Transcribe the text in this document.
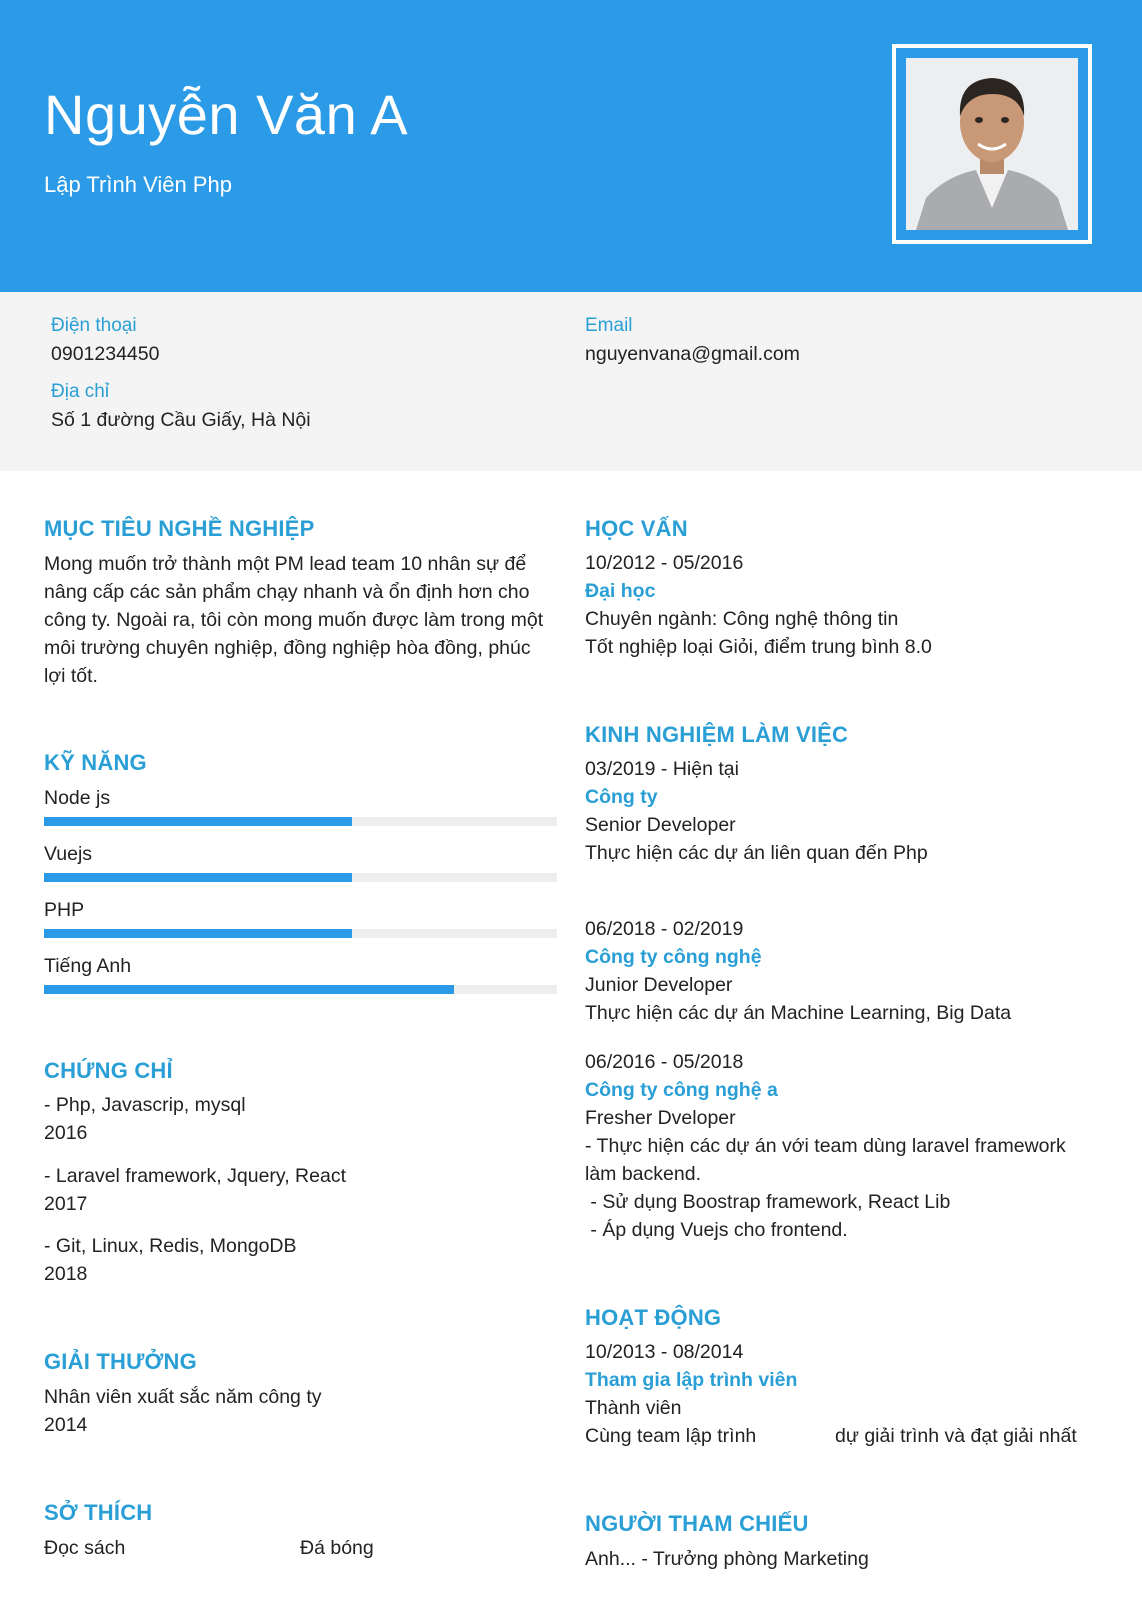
Nguyễn Văn A
Lập Trình Viên Php
Điện thoại
0901234450
Địa chỉ
Số 1 đường Cầu Giấy, Hà Nội
Email
nguyenvana@gmail.com
MỤC TIÊU NGHỀ NGHIỆP
Mong muốn trở thành một PM lead team 10 nhân sự để nâng cấp các sản phẩm chạy nhanh và ổn định hơn cho công ty. Ngoài ra, tôi còn mong muốn được làm trong một môi trường chuyên nghiệp, đồng nghiệp hòa đồng, phúc lợi tốt.
KỸ NĂNG
Node js
Vuejs
PHP
Tiếng Anh
CHỨNG CHỈ
- Php, Javascrip, mysql
2016
- Laravel framework, Jquery, React
2017
- Git, Linux, Redis, MongoDB
2018
GIẢI THƯỞNG
Nhân viên xuất sắc năm công ty
2014
SỞ THÍCH
Đọc sách	Đá bóng
HỌC VẤN
10/2012 - 05/2016
Đại học
Chuyên ngành: Công nghệ thông tin
Tốt nghiệp loại Giỏi, điểm trung bình 8.0
KINH NGHIỆM LÀM VIỆC
03/2019 - Hiện tại
Công ty
Senior Developer
Thực hiện các dự án liên quan đến Php
06/2018 - 02/2019
Công ty công nghệ
Junior Developer
Thực hiện các dự án Machine Learning, Big Data
06/2016 - 05/2018
Công ty công nghệ a
Fresher Dveloper
- Thực hiện các dự án với team dùng laravel framework
làm backend.
- Sử dụng Boostrap framework, React Lib
- Áp dụng Vuejs cho frontend.
HOẠT ĐỘNG
10/2013 - 08/2014
Tham gia lập trình viên
Thành viên
Cùng team lập trình	dự giải trình và đạt giải nhất
NGƯỜI THAM CHIẾU
Anh... - Trưởng phòng Marketing
